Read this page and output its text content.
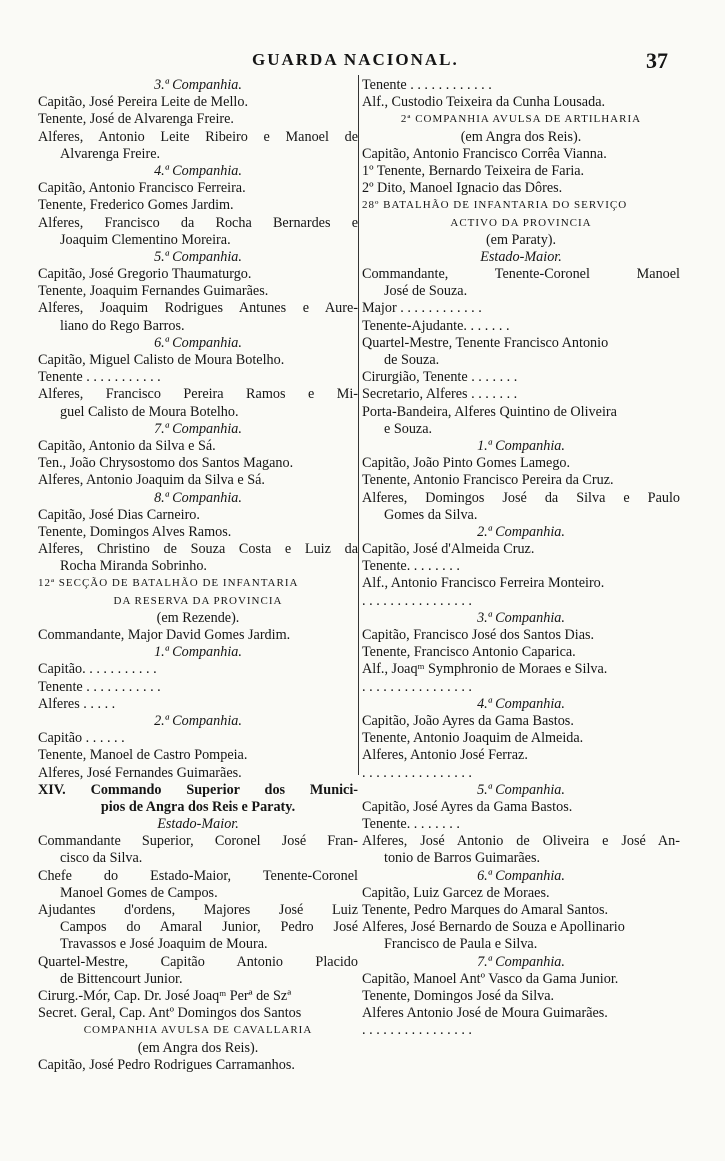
GUARDA NACIONAL.	37
3.ª Companhia.
Capitão, José Pereira Leite de Mello.
Tenente, José de Alvarenga Freire.
Alferes, Antonio Leite Ribeiro e Manoel de
Alvarenga Freire.
4.ª Companhia.
Capitão, Antonio Francisco Ferreira.
Tenente, Frederico Gomes Jardim.
Alferes, Francisco da Rocha Bernardes e
Joaquim Clementino Moreira.
5.ª Companhia.
Capitão, José Gregorio Thaumaturgo.
Tenente, Joaquim Fernandes Guimarães.
Alferes, Joaquim Rodrigues Antunes e Aure-
liano do Rego Barros.
6.ª Companhia.
Capitão, Miguel Calisto de Moura Botelho.
Tenente . . . . . . . . . . .
Alferes, Francisco Pereira Ramos e Mi-
guel Calisto de Moura Botelho.
7.ª Companhia.
Capitão, Antonio da Silva e Sá.
Ten., João Chrysostomo dos Santos Magano.
Alferes, Antonio Joaquim da Silva e Sá.
8.ª Companhia.
Capitão, José Dias Carneiro.
Tenente, Domingos Alves Ramos.
Alferes, Christino de Souza Costa e Luiz da
Rocha Miranda Sobrinho.
12ª SECÇÃO DE BATALHÃO DE INFANTARIA
DA RESERVA DA PROVINCIA
(em Rezende).
Commandante, Major David Gomes Jardim.
1.ª Companhia.
Capitão. . . . . . . . . . .
Tenente . . . . . . . . . . .
Alferes . . . . .
2.ª Companhia.
Capitão . . . . . .
Tenente, Manoel de Castro Pompeia.
Alferes, José Fernandes Guimarães.
XIV. Commando Superior dos Munici-
pios de Angra dos Reis e Paraty.
Estado-Maior.
Commandante Superior, Coronel José Fran-
cisco da Silva.
Chefe do Estado-Maior, Tenente-Coronel
Manoel Gomes de Campos.
Ajudantes d'ordens, Majores José Luiz
Campos do Amaral Junior, Pedro José
Travassos e José Joaquim de Moura.
Quartel-Mestre, Capitão Antonio Placido
de Bittencourt Junior.
Cirurg.-Mór, Cap. Dr. José Joaqᵐ Perª de Szª
Secret. Geral, Cap. Antº Domingos dos Santos
COMPANHIA AVULSA DE CAVALLARIA
(em Angra dos Reis).
Capitão, José Pedro Rodrigues Carramanhos.
Tenente . . . . . . . . . . . .
Alf., Custodio Teixeira da Cunha Lousada.
2ª COMPANHIA AVULSA DE ARTILHARIA
(em Angra dos Reis).
Capitão, Antonio Francisco Corrêa Vianna.
1º Tenente, Bernardo Teixeira de Faria.
2º Dito, Manoel Ignacio das Dôres.
28º BATALHÃO DE INFANTARIA DO SERVIÇO
ACTIVO DA PROVINCIA
(em Paraty).
Estado-Maior.
Commandante, Tenente-Coronel Manoel
José de Souza.
Major . . . . . . . . . . . .
Tenente-Ajudante. . . . . . .
Quartel-Mestre, Tenente Francisco Antonio
de Souza.
Cirurgião, Tenente . . . . . . .
Secretario, Alferes . . . . . . .
Porta-Bandeira, Alferes Quintino de Oliveira
e Souza.
1.ª Companhia.
Capitão, João Pinto Gomes Lamego.
Tenente, Antonio Francisco Pereira da Cruz.
Alferes, Domingos José da Silva e Paulo
Gomes da Silva.
2.ª Companhia.
Capitão, José d'Almeida Cruz.
Tenente. . . . . . . .
Alf., Antonio Francisco Ferreira Monteiro.
. . . . . . . . . . . . . . . .
3.ª Companhia.
Capitão, Francisco José dos Santos Dias.
Tenente, Francisco Antonio Caparica.
Alf., Joaqᵐ Symphronio de Moraes e Silva.
. . . . . . . . . . . . . . . .
4.ª Companhia.
Capitão, João Ayres da Gama Bastos.
Tenente, Antonio Joaquim de Almeida.
Alferes, Antonio José Ferraz.
. . . . . . . . . . . . . . . .
5.ª Companhia.
Capitão, José Ayres da Gama Bastos.
Tenente. . . . . . . .
Alferes, José Antonio de Oliveira e José An-
tonio de Barros Guimarães.
6.ª Companhia.
Capitão, Luiz Garcez de Moraes.
Tenente, Pedro Marques do Amaral Santos.
Alferes, José Bernardo de Souza e Apollinario
Francisco de Paula e Silva.
7.ª Companhia.
Capitão, Manoel Antº Vasco da Gama Junior.
Tenente, Domingos José da Silva.
Alferes Antonio José de Moura Guimarães.
. . . . . . . . . . . . . . . .
